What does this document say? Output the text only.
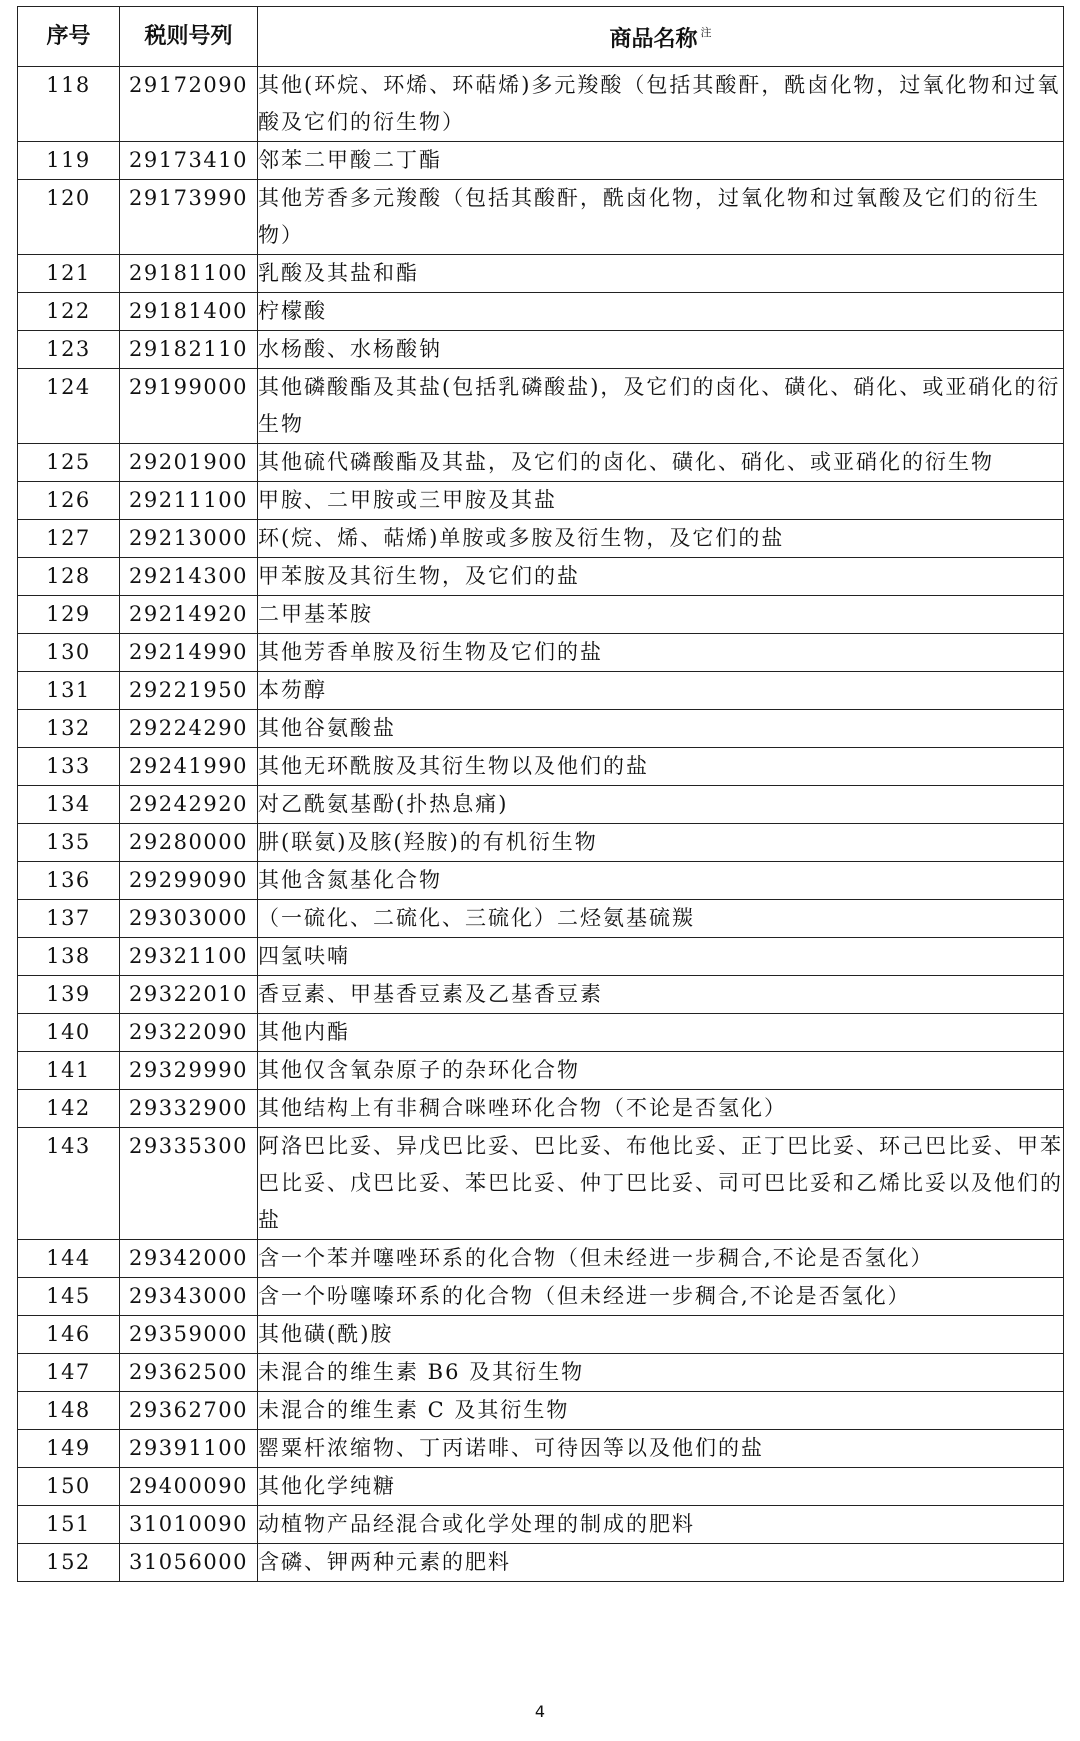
序号	税则号列	商品名称 $^注$
118	29172090	其他(环烷、环烯、环萜烯)多元羧酸（包括其酸酐，酰卤化物，过氧化物和过氧酸及它们的衍生物）
119	29173410	邻苯二甲酸二丁酯
120	29173990	其他芳香多元羧酸（包括其酸酐，酰卤化物，过氧化物和过氧酸及它们的衍生物）
121	29181100	乳酸及其盐和酯
122	29181400	柠檬酸
123	29182110	水杨酸、水杨酸钠
124	29199000	其他磷酸酯及其盐(包括乳磷酸盐)，及它们的卤化、磺化、硝化、或亚硝化的衍生物
125	29201900	其他硫代磷酸酯及其盐，及它们的卤化、磺化、硝化、或亚硝化的衍生物
126	29211100	甲胺、二甲胺或三甲胺及其盐
127	29213000	环(烷、烯、萜烯)单胺或多胺及衍生物，及它们的盐
128	29214300	甲苯胺及其衍生物，及它们的盐
129	29214920	二甲基苯胺
130	29214990	其他芳香单胺及衍生物及它们的盐
131	29221950	本芴醇
132	29224290	其他谷氨酸盐
133	29241990	其他无环酰胺及其衍生物以及他们的盐
134	29242920	对乙酰氨基酚(扑热息痛)
135	29280000	肼(联氨)及胲(羟胺)的有机衍生物
136	29299090	其他含氮基化合物
137	29303000	（一硫化、二硫化、三硫化）二烃氨基硫羰
138	29321100	四氢呋喃
139	29322010	香豆素、甲基香豆素及乙基香豆素
140	29322090	其他内酯
141	29329990	其他仅含氧杂原子的杂环化合物
142	29332900	其他结构上有非稠合咪唑环化合物（不论是否氢化）
143	29335300	阿洛巴比妥、异戊巴比妥、巴比妥、布他比妥、正丁巴比妥、环己巴比妥、甲苯巴比妥、戊巴比妥、苯巴比妥、仲丁巴比妥、司可巴比妥和乙烯比妥以及他们的盐
144	29342000	含一个苯并噻唑环系的化合物（但未经进一步稠合,不论是否氢化）
145	29343000	含一个吩噻嗪环系的化合物（但未经进一步稠合,不论是否氢化）
146	29359000	其他磺(酰)胺
147	29362500	未混合的维生素 B6 及其衍生物
148	29362700	未混合的维生素 C 及其衍生物
149	29391100	罂粟杆浓缩物、丁丙诺啡、可待因等以及他们的盐
150	29400090	其他化学纯糖
151	31010090	动植物产品经混合或化学处理的制成的肥料
152	31056000	含磷、钾两种元素的肥料
4
